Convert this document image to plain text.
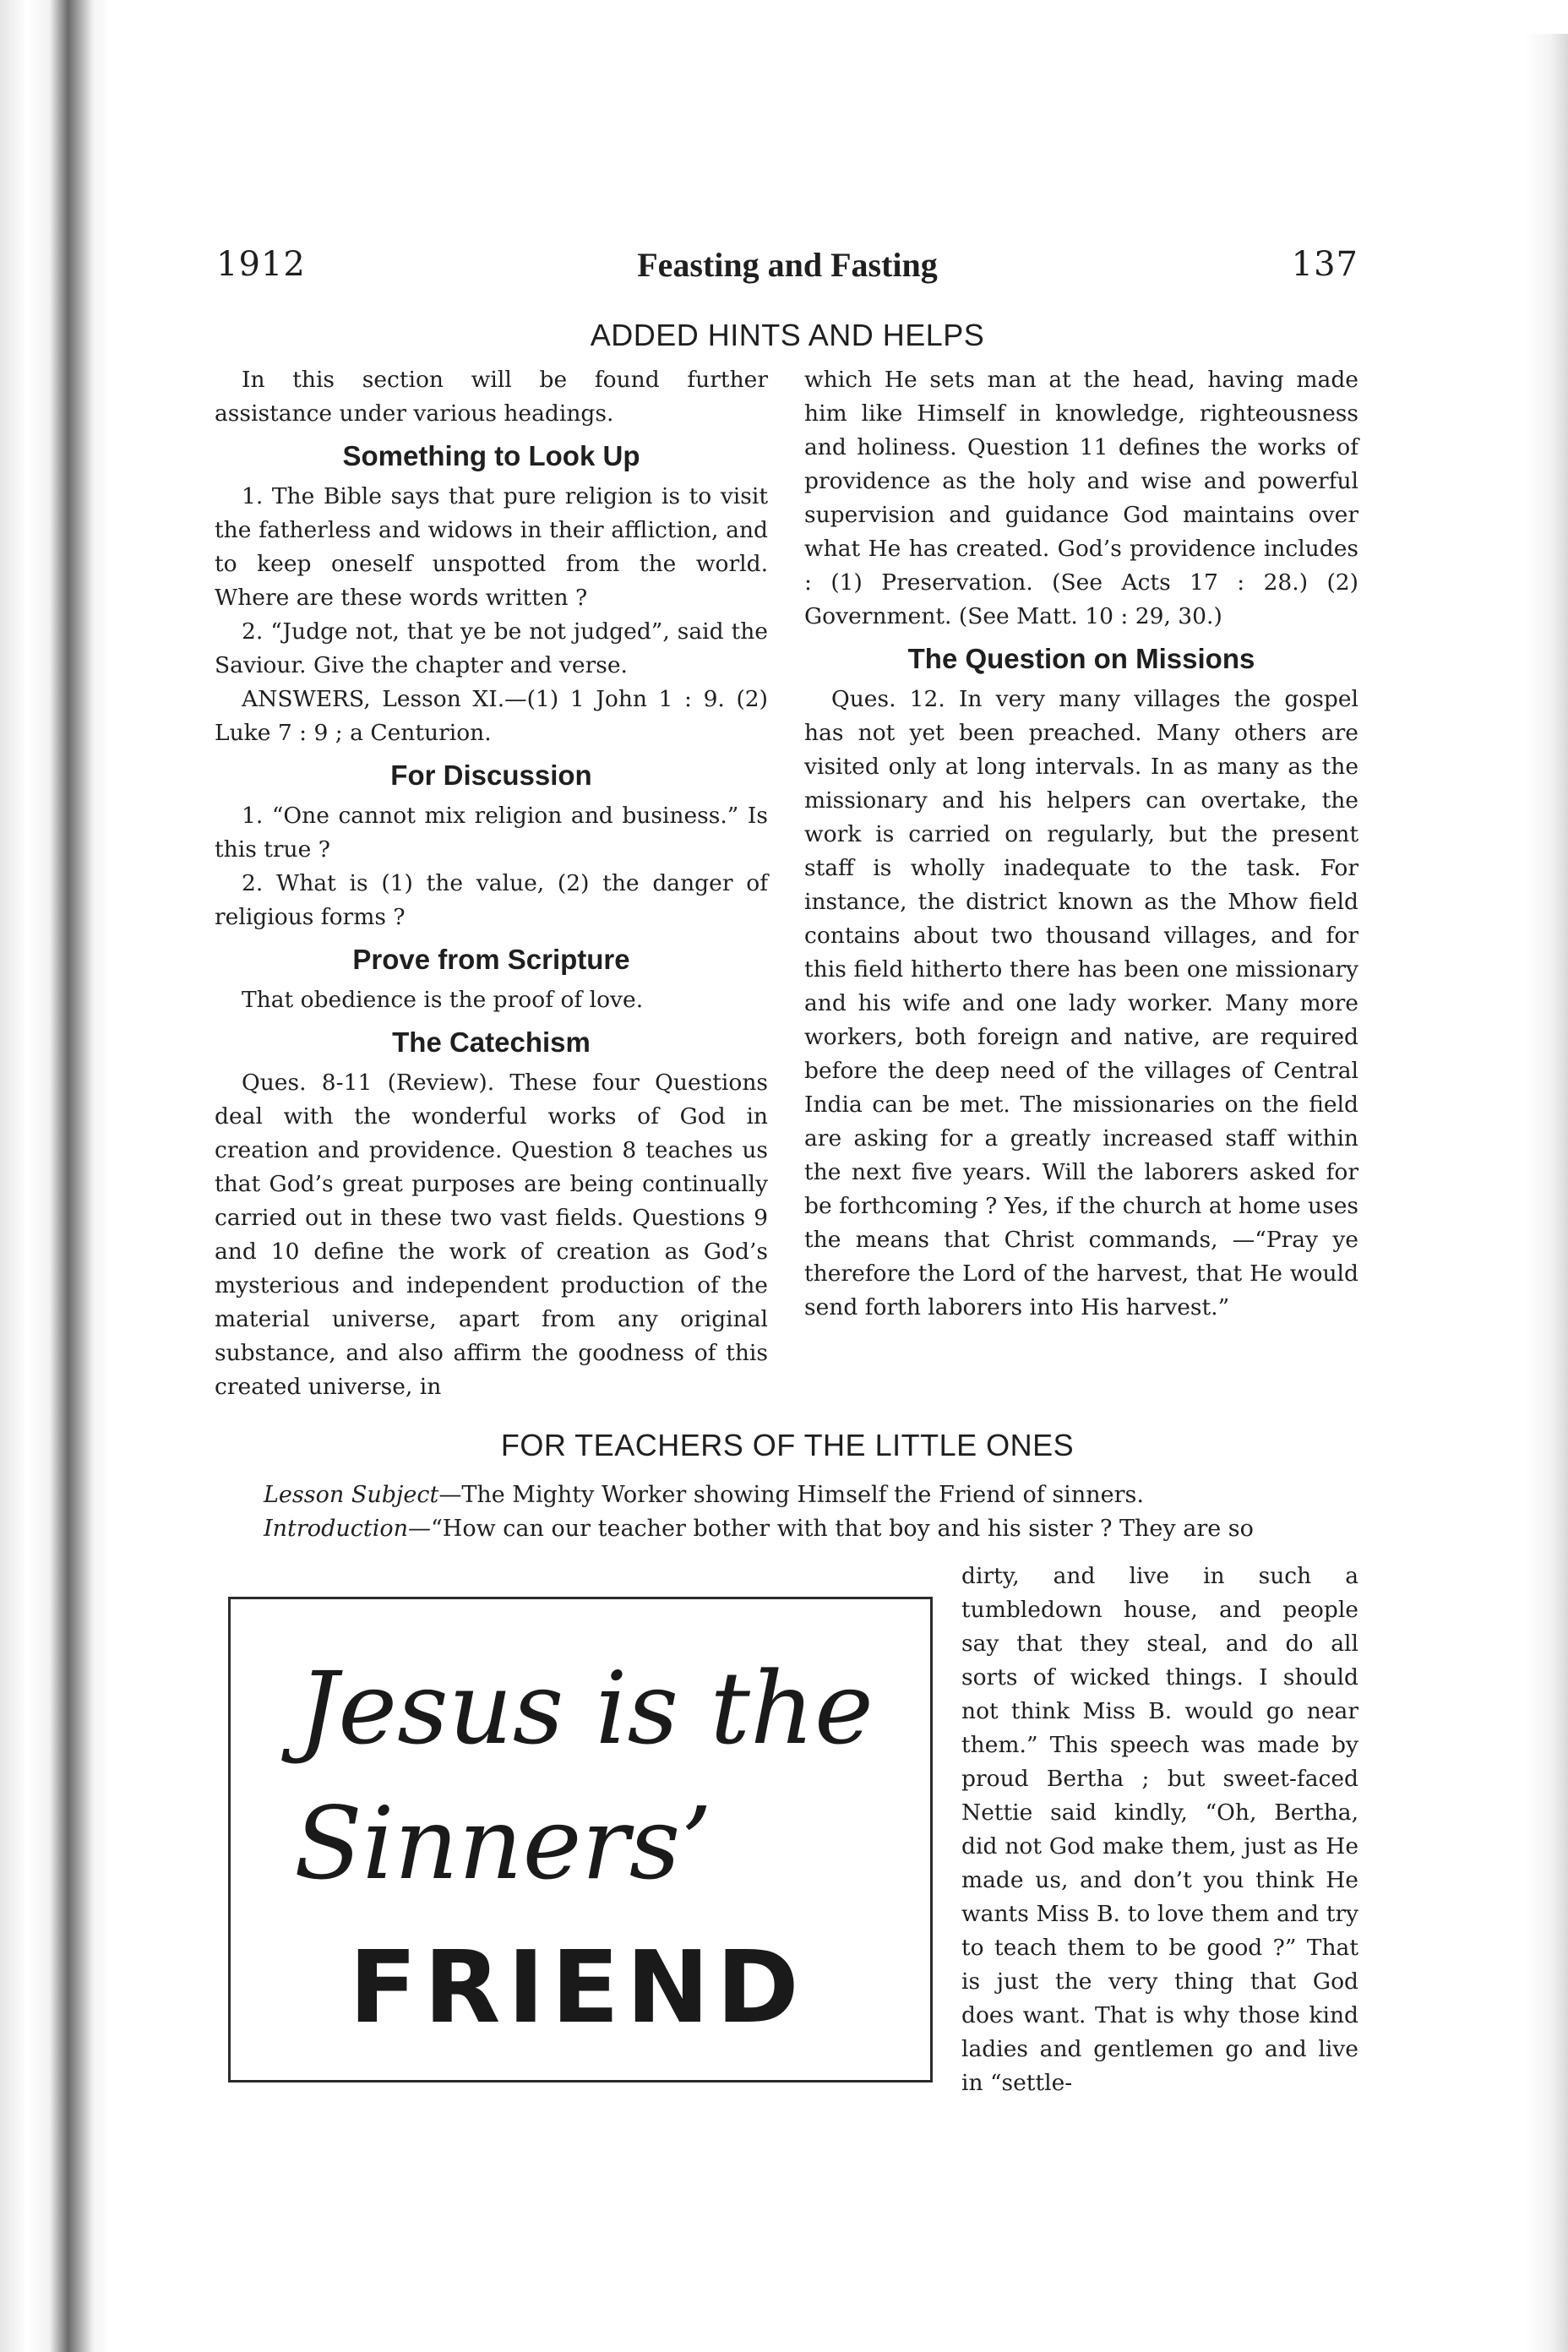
1912	Feasting and Fasting	137
ADDED HINTS AND HELPS

In this section will be found further assistance under various headings.

Something to Look Up

1. The Bible says that pure religion is to visit the fatherless and widows in their affliction, and to keep oneself unspotted from the world. Where are these words written ?

2. “Judge not, that ye be not judged”, said the Saviour. Give the chapter and verse.

ANSWERS, Lesson XI.—(1) 1 John 1 : 9. (2) Luke 7 : 9 ; a Centurion.

For Discussion

1. “One cannot mix religion and business.” Is this true ?

2. What is (1) the value, (2) the danger of religious forms ?

Prove from Scripture

That obedience is the proof of love.

The Catechism

Ques. 8-11 (Review). These four Questions deal with the wonderful works of God in creation and providence. Question 8 teaches us that God’s great purposes are being continually carried out in these two vast fields. Questions 9 and 10 define the work of creation as God’s mysterious and independent production of the material universe, apart from any original substance, and also affirm the goodness of this created universe, in

which He sets man at the head, having made him like Himself in knowledge, righteousness and holiness. Question 11 defines the works of providence as the holy and wise and powerful supervision and guidance God maintains over what He has created. God’s providence includes : (1) Preservation. (See Acts 17 : 28.) (2) Government. (See Matt. 10 : 29, 30.)

The Question on Missions

Ques. 12. In very many villages the gospel has not yet been preached. Many others are visited only at long intervals. In as many as the missionary and his helpers can overtake, the work is carried on regularly, but the present staff is wholly inadequate to the task. For instance, the district known as the Mhow field contains about two thousand villages, and for this field hitherto there has been one missionary and his wife and one lady worker. Many more workers, both foreign and native, are required before the deep need of the villages of Central India can be met. The missionaries on the field are asking for a greatly increased staff within the next five years. Will the laborers asked for be forthcoming ? Yes, if the church at home uses the means that Christ commands, —“Pray ye therefore the Lord of the harvest, that He would send forth laborers into His harvest.”

FOR TEACHERS OF THE LITTLE ONES

Lesson Subject—The Mighty Worker showing Himself the Friend of sinners.

Introduction—“How can our teacher bother with that boy and his sister ? They are so

dirty, and live in such a tumbledown house, and people say that they steal, and do all sorts of wicked things. I should not think Miss B. would go near them.” This speech was made by proud Bertha ; but sweet-faced Nettie said kindly, “Oh, Bertha, did not God make them, just as He made us, and don’t you think He wants Miss B. to love them and try to teach them to be good ?” That is just the very thing that God does want. That is why those kind ladies and gentlemen go and live in “settle-
Jesus is the
Sinners’
FRIEND
